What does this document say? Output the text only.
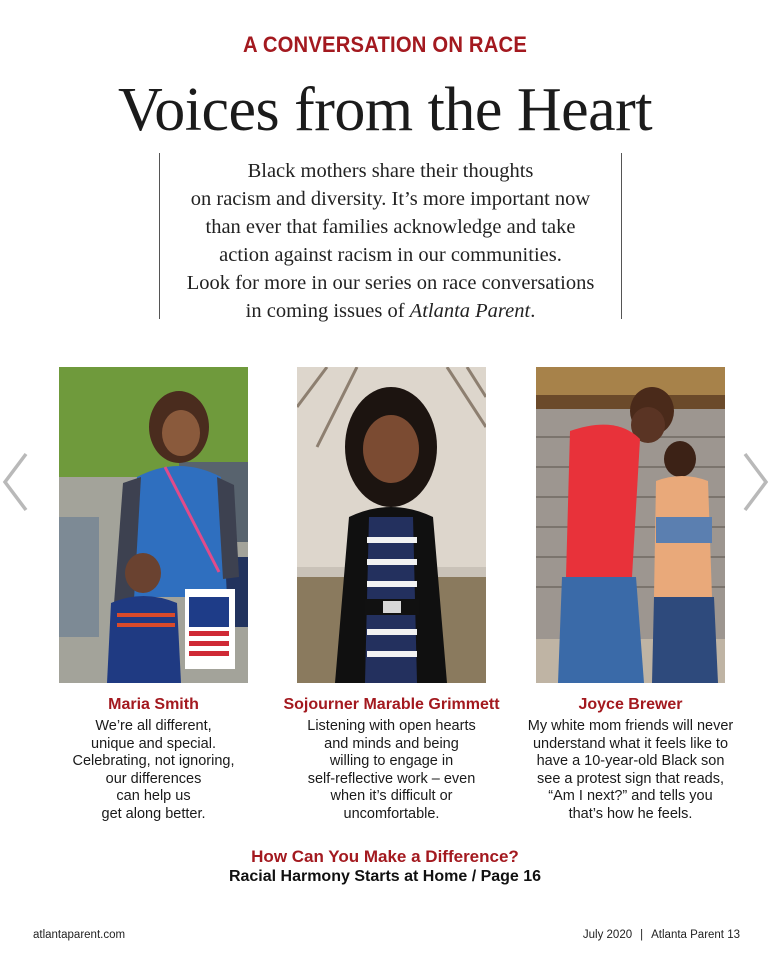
A CONVERSATION ON RACE
Voices from the Heart
Black mothers share their thoughts
on racism and diversity. It’s more important now
than ever that families acknowledge and take
action against racism in our communities.
Look for more in our series on race conversations
in coming issues of Atlanta Parent.
Maria Smith	Sojourner Marable Grimmett	Joyce Brewer
We’re all different,
unique and special.
Celebrating, not ignoring,
our differences
can help us
get along better.
Listening with open hearts
and minds and being
willing to engage in
self-reflective work – even
when it’s difficult or
uncomfortable.
My white mom friends will never
understand what it feels like to
have a 10-year-old Black son
see a protest sign that reads,
“Am I next?” and tells you
that’s how he feels.
How Can You Make a Difference?
Racial Harmony Starts at Home / Page 16
atlantaparent.com	July 2020 | Atlanta Parent 13
